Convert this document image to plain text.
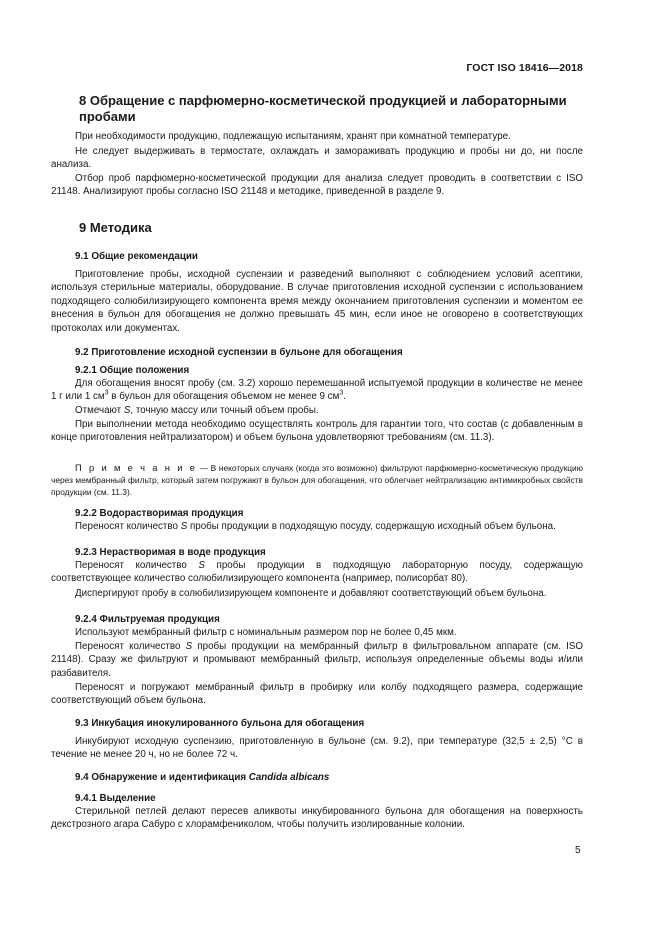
ГОСТ ISO 18416—2018
8 Обращение с парфюмерно-косметической продукцией и лабораторными
пробами
При необходимости продукцию, подлежащую испытаниям, хранят при комнатной температуре.
Не следует выдерживать в термостате, охлаждать и замораживать продукцию и пробы ни до, ни после анализа.
Отбор проб парфюмерно-косметической продукции для анализа следует проводить в соответствии с ISO 21148. Анализируют пробы согласно ISO 21148 и методике, приведенной в разделе 9.
9 Методика
9.1 Общие рекомендации
Приготовление пробы, исходной суспензии и разведений выполняют с соблюдением условий асептики, используя стерильные материалы, оборудование. В случае приготовления исходной суспензии с использованием подходящего солюбилизирующего компонента время между окончанием приготовления суспензии и моментом ее внесения в бульон для обогащения не должно превышать 45 мин, если иное не оговорено в соответствующих протоколах или документах.
9.2 Приготовление исходной суспензии в бульоне для обогащения
9.2.1 Общие положения
Для обогащения вносят пробу (см. 3.2) хорошо перемешанной испытуемой продукции в количестве не менее 1 г или 1 $см^3$ в бульон для обогащения объемом не менее 9 $см^3$.
Отмечают S, точную массу или точный объем пробы.
При выполнении метода необходимо осуществлять контроль для гарантии того, что состав (с добавленным в конце приготовления нейтрализатором) и объем бульона удовлетворяют требованиям (см. 11.3).
П р и м е ч а н и е — В некоторых случаях (когда это возможно) фильтруют парфюмерно-косметическую продукцию через мембранный фильтр, который затем погружают в бульон для обогащения, что облегчает нейтрализацию антимикробных свойств продукции (см. 11.3).
9.2.2 Водорастворимая продукция
Переносят количество S пробы продукции в подходящую посуду, содержащую исходный объем бульона.
9.2.3 Нерастворимая в воде продукция
Переносят количество S пробы продукции в подходящую лабораторную посуду, содержащую соответствующее количество солюбилизирующего компонента (например, полисорбат 80).
Диспергируют пробу в солюбилизирующем компоненте и добавляют соответствующий объем бульона.
9.2.4 Фильтруемая продукция
Используют мембранный фильтр с номинальным размером пор не более 0,45 мкм.
Переносят количество S пробы продукции на мембранный фильтр в фильтровальном аппарате (см. ISO 21148). Сразу же фильтруют и промывают мембранный фильтр, используя определенные объемы воды и/или разбавителя.
Переносят и погружают мембранный фильтр в пробирку или колбу подходящего размера, содержащие соответствующий объем бульона.
9.3 Инкубация инокулированного бульона для обогащения
Инкубируют исходную суспензию, приготовленную в бульоне (см. 9.2), при температуре (32,5 ± 2,5) °С в течение не менее 20 ч, но не более 72 ч.
9.4 Обнаружение и идентификация Candida albicans
9.4.1 Выделение
Стерильной петлей делают пересев аликвоты инкубированного бульона для обогащения на поверхность декстрозного агара Сабуро с хлорамфениколом, чтобы получить изолированные колонии.
5
